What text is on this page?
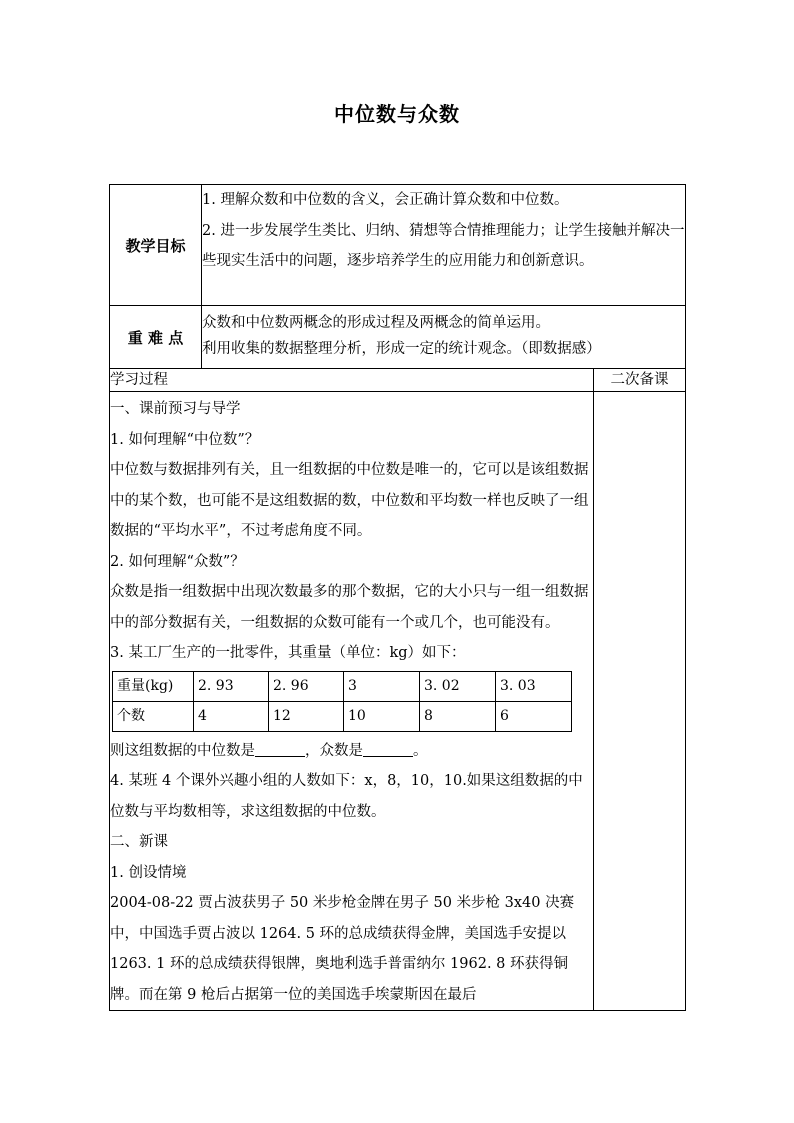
中位数与众数
教学目标	

1. 理解众数和中位数的含义，会正确计算众数和中位数。

2. 进一步发展学生类比、归纳、猜想等合情推理能力；让学生接触并解决一些现实生活中的问题，逐步培养学生的应用能力和创新意识。

重 难 点	

众数和中位数两概念的形成过程及两概念的简单运用。

利用收集的数据整理分析，形成一定的统计观念。（即数据感）

学习过程	二次备课

一、课前预习与导学

1. 如何理解“中位数”？

中位数与数据排列有关，且一组数据的中位数是唯一的，它可以是该组数据中的某个数，也可能不是这组数据的数，中位数和平均数一样也反映了一组数据的“平均水平”，不过考虑角度不同。

2. 如何理解“众数”？

众数是指一组数据中出现次数最多的那个数据，它的大小只与一组一组数据中的部分数据有关，一组数据的众数可能有一个或几个，也可能没有。

3. 某工厂生产的一批零件，其重量（单位：kg）如下：

重量(kg)	2. 93	2. 96	3	3. 02	3. 03
个数	4	12	10	8	6

则这组数据的中位数是	，众数是	。

4. 某班 4 个课外兴趣小组的人数如下：x，8，10，10.如果这组数据的中位数与平均数相等，求这组数据的中位数。

二、新课

1. 创设情境

2004-08-22 贾占波获男子 50 米步枪金牌在男子 50 米步枪 3x40 决赛中，中国选手贾占波以 1264. 5 环的总成绩获得金牌，美国选手安提以 1263. 1 环的总成绩获得银牌，奥地利选手普雷纳尔 1962. 8 环获得铜牌。而在第 9 枪后占据第一位的美国选手埃蒙斯因在最后
